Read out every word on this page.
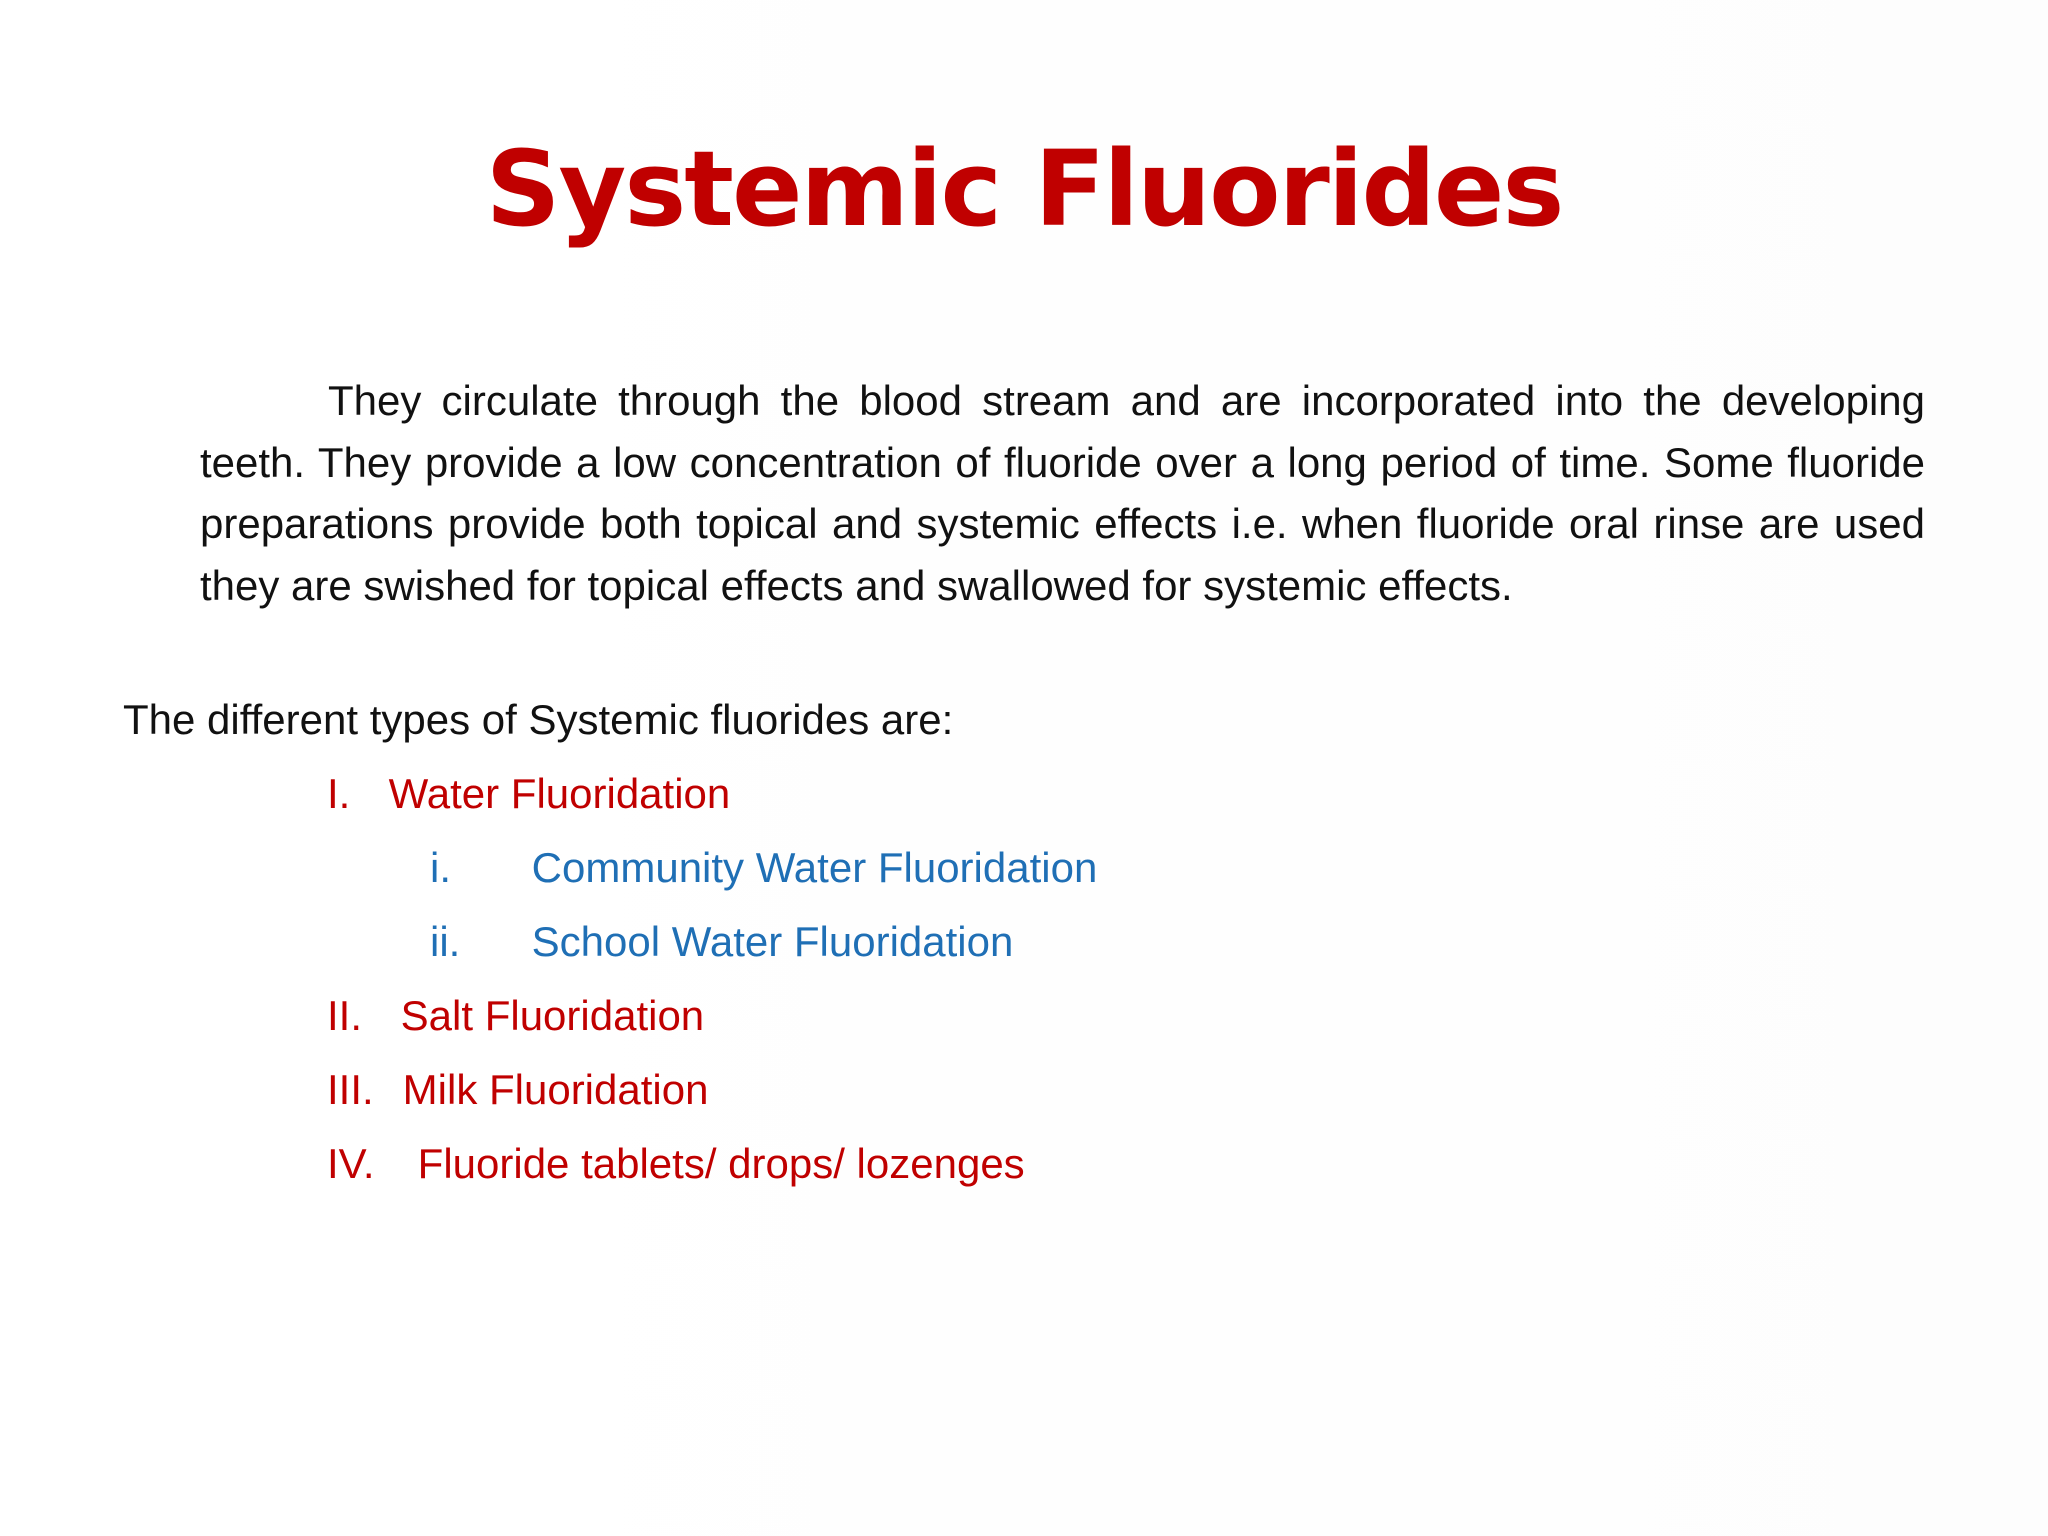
Systemic Fluorides

They circulate through the blood stream and are incorporated into the developing teeth. They provide a low concentration of fluoride over a long period of time. Some fluoride preparations provide both topical and systemic effects i.e. when fluoride oral rinse are used they are swished for topical effects and swallowed for systemic effects.

The different types of Systemic fluorides are:

I. Water Fluoridation
i. Community Water Fluoridation
ii. School Water Fluoridation
II. Salt Fluoridation
III. Milk Fluoridation
IV. Fluoride tablets/ drops/ lozenges
